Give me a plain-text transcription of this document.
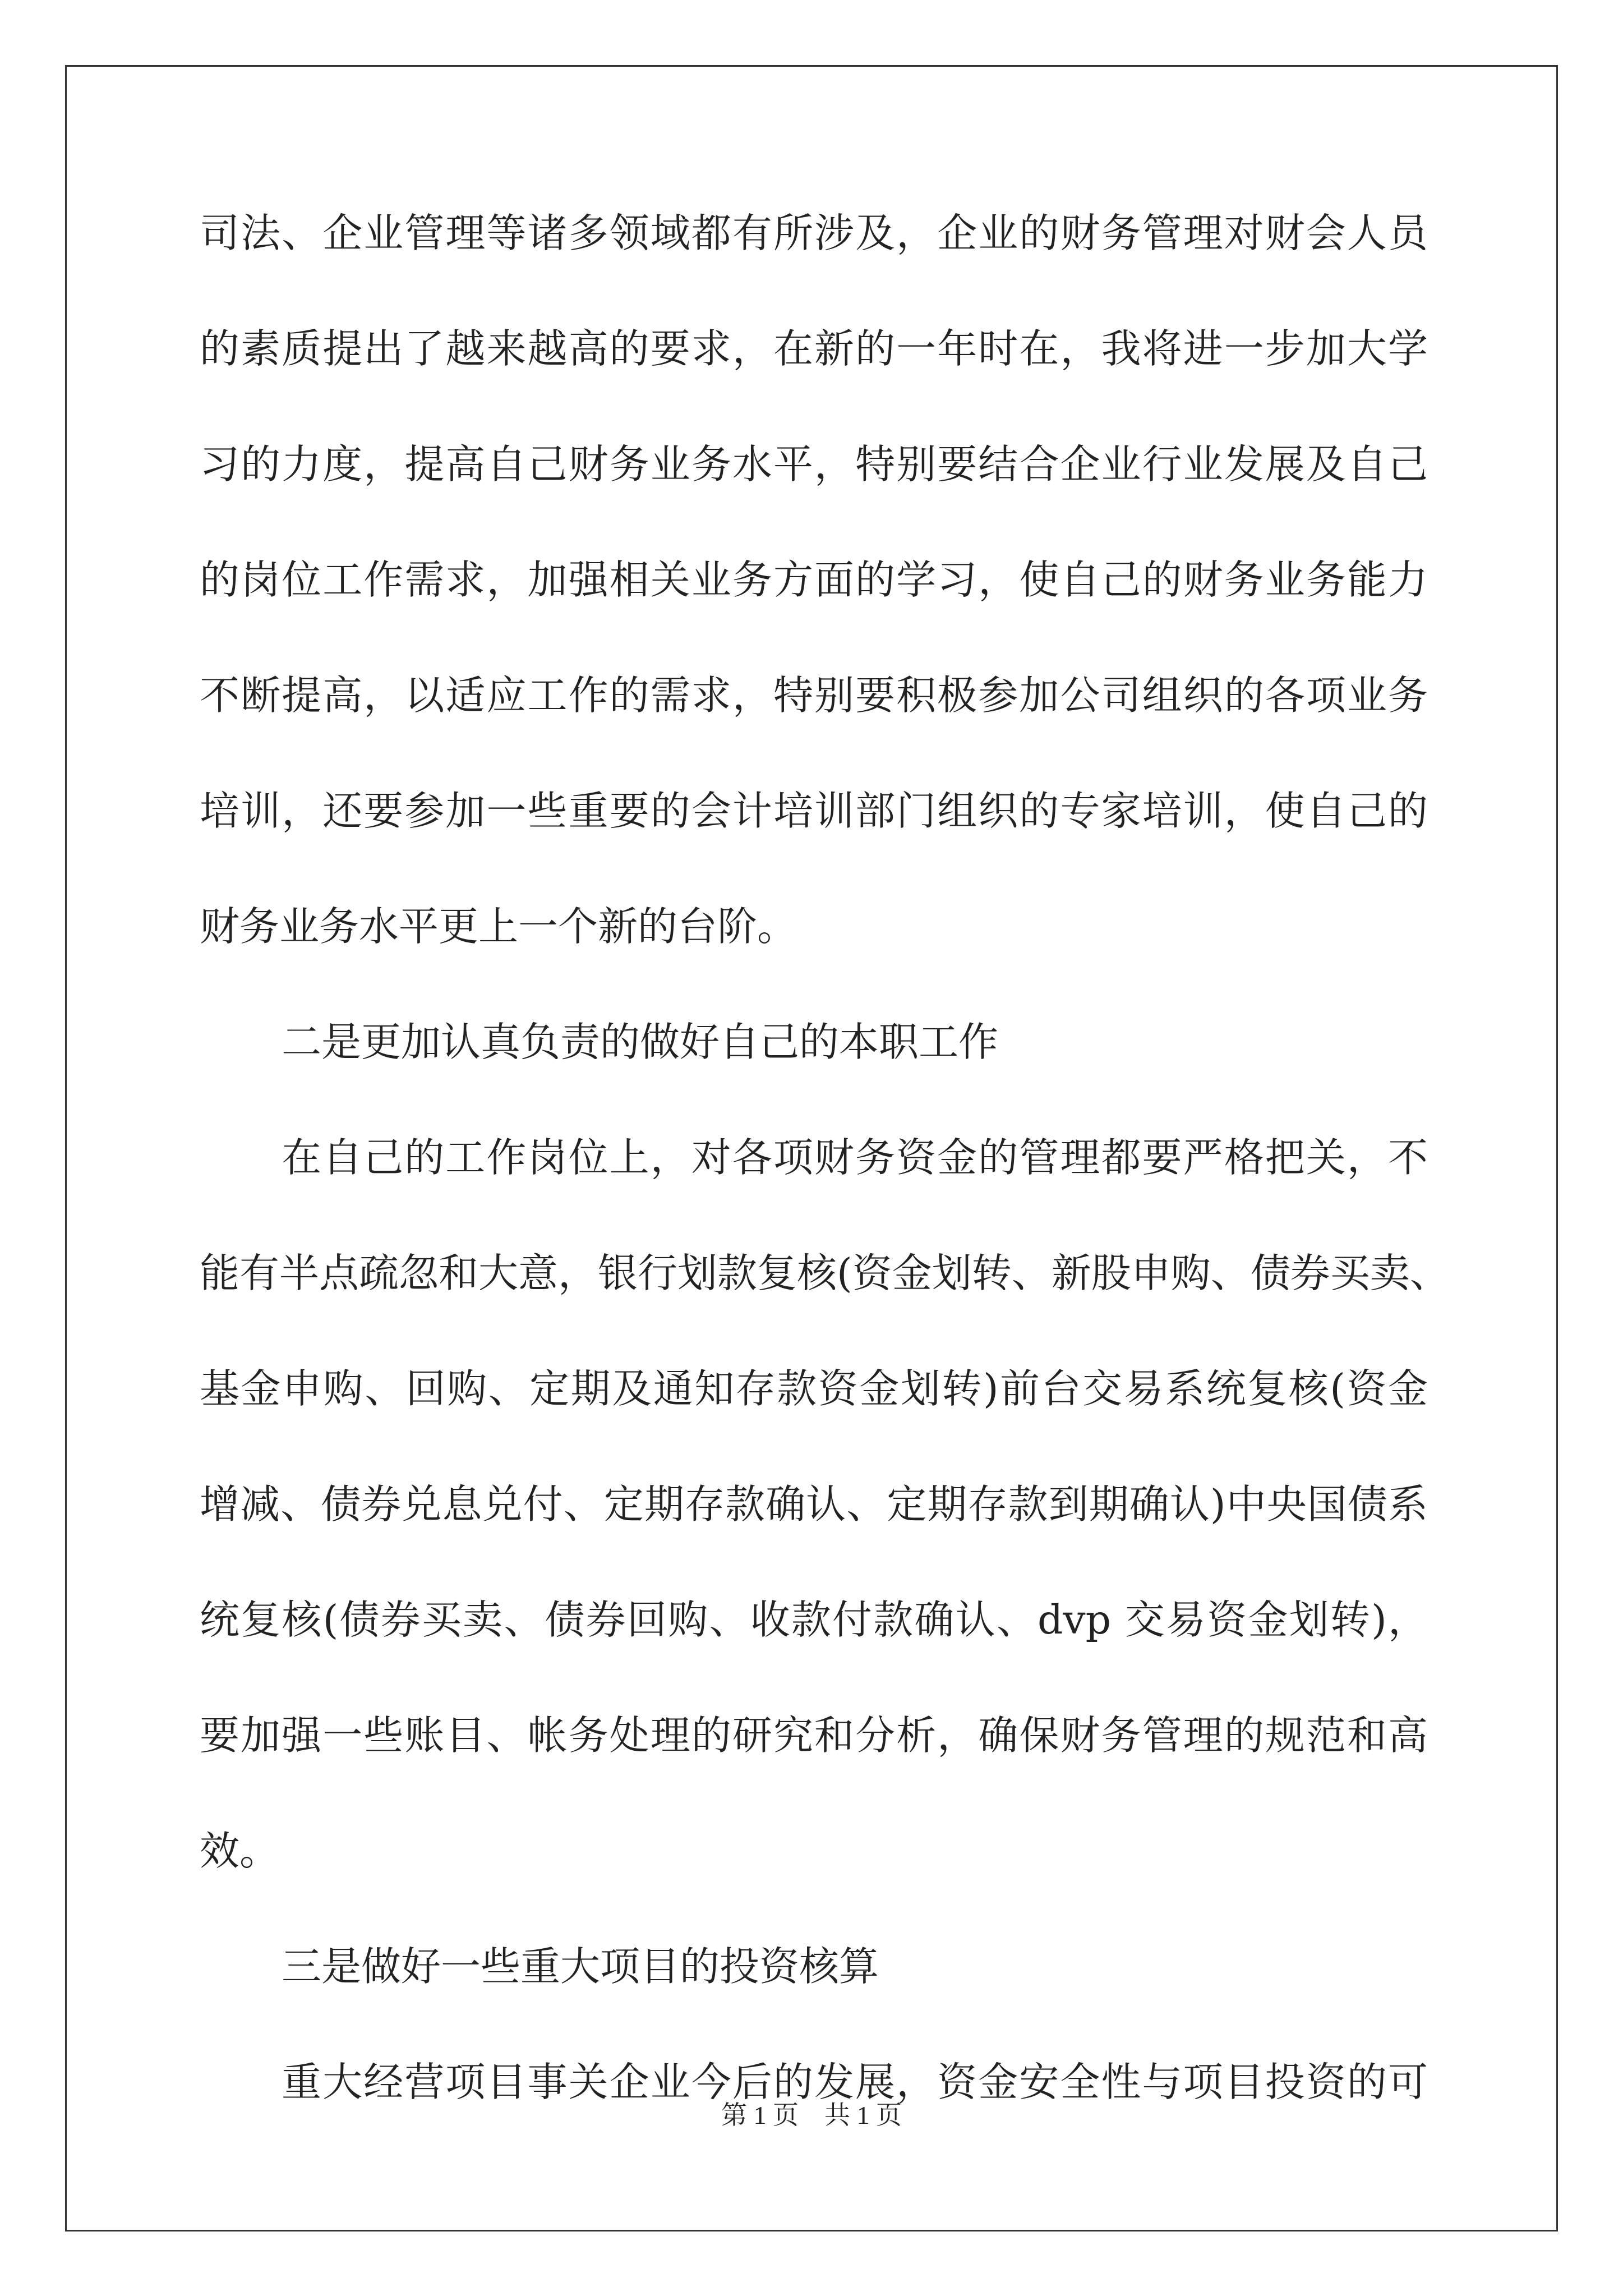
司法、企业管理等诸多领域都有所涉及，企业的财务管理对财会人员
的素质提出了越来越高的要求，在新的一年时在，我将进一步加大学
习的力度，提高自己财务业务水平，特别要结合企业行业发展及自己
的岗位工作需求，加强相关业务方面的学习，使自己的财务业务能力
不断提高，以适应工作的需求，特别要积极参加公司组织的各项业务
培训，还要参加一些重要的会计培训部门组织的专家培训，使自己的
财务业务水平更上一个新的台阶。
二是更加认真负责的做好自己的本职工作
在自己的工作岗位上，对各项财务资金的管理都要严格把关，不
能有半点疏忽和大意，银行划款复核(资金划转、新股申购、债券买卖、
基金申购、回购、定期及通知存款资金划转)前台交易系统复核(资金
增减、债券兑息兑付、定期存款确认、定期存款到期确认)中央国债系
统复核(债券买卖、债券回购、收款付款确认、dvp 交易资金划转)，
要加强一些账目、帐务处理的研究和分析，确保财务管理的规范和高
效。
三是做好一些重大项目的投资核算
重大经营项目事关企业今后的发展，资金安全性与项目投资的可
第 1 页 共 1 页
